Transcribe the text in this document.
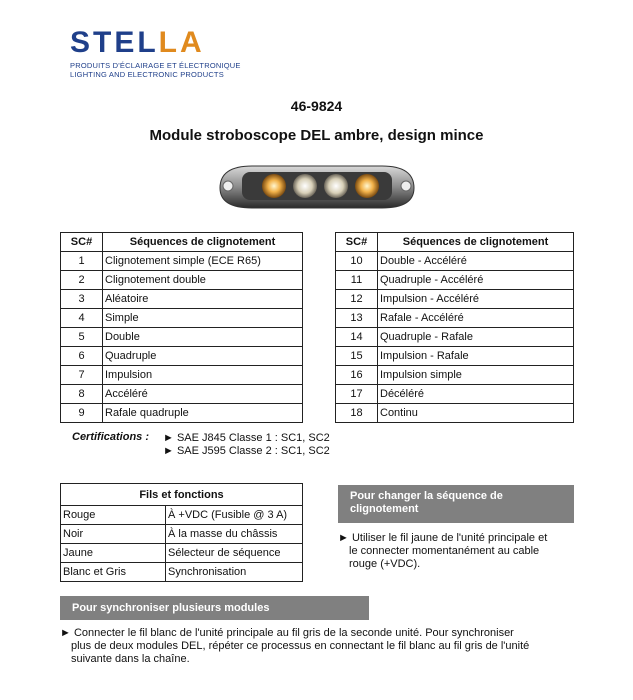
STELLA
PRODUITS D'ÉCLAIRAGE ET ÉLECTRONIQUE
LIGHTING AND ELECTRONIC PRODUCTS
46-9824
Module stroboscope DEL ambre, design mince
SC#	Séquences de clignotement
1	Clignotement simple (ECE R65)
2	Clignotement double
3	Aléatoire
4	Simple
5	Double
6	Quadruple
7	Impulsion
8	Accéléré
9	Rafale quadruple
SC#	Séquences de clignotement
10	Double - Accéléré
11	Quadruple - Accéléré
12	Impulsion - Accéléré
13	Rafale - Accéléré
14	Quadruple - Rafale
15	Impulsion - Rafale
16	Impulsion simple
17	Décéléré
18	Continu
Certifications : ► SAE J845 Classe 1 : SC1, SC2
► SAE J595 Classe 2 : SC1, SC2
Fils et fonctions	
Rouge	À +VDC (Fusible @ 3 A)
Noir	À la masse du châssis
Jaune	Sélecteur de séquence
Blanc et Gris	Synchronisation
Pour changer la séquence de
clignotement
► Utiliser le fil jaune de l'unité principale et
le connecter momentanément au cable
rouge (+VDC).
Pour synchroniser plusieurs modules
► Connecter le fil blanc de l'unité principale au fil gris de la seconde unité. Pour synchroniser
plus de deux modules DEL, répéter ce processus en connectant le fil blanc au fil gris de l'unité
suivante dans la chaîne.
